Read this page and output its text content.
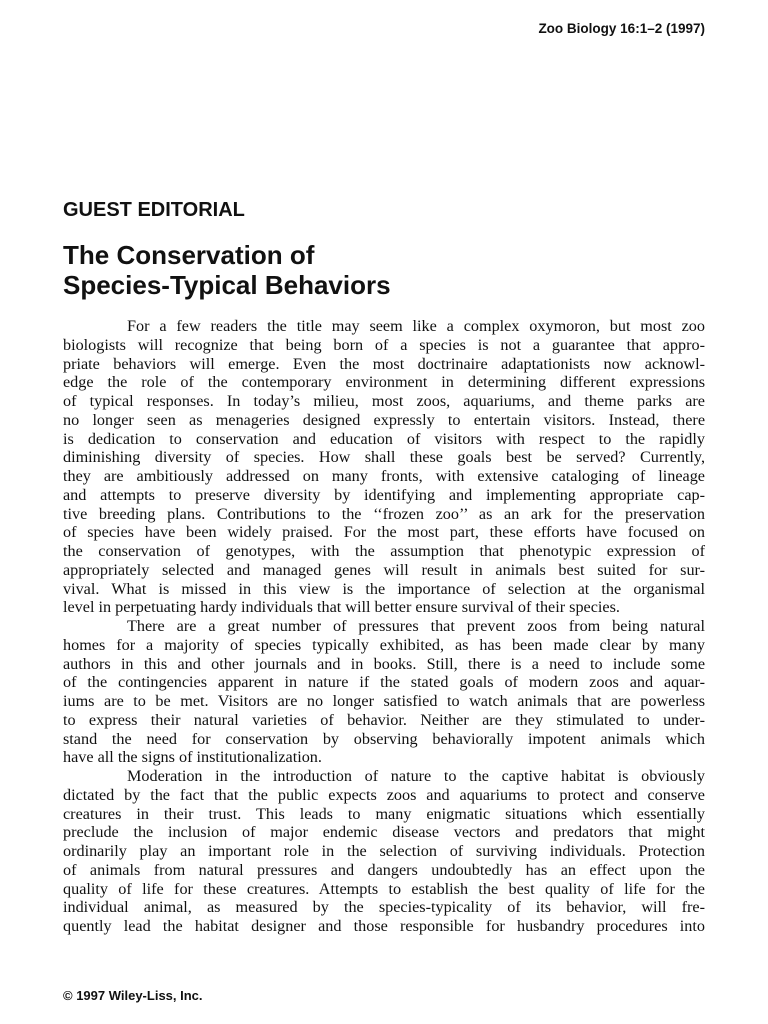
Zoo Biology 16:1–2 (1997)
GUEST EDITORIAL
The Conservation of
Species-Typical Behaviors
For a few readers the title may seem like a complex oxymoron, but most zoo
biologists will recognize that being born of a species is not a guarantee that appro-
priate behaviors will emerge. Even the most doctrinaire adaptationists now acknowl-
edge the role of the contemporary environment in determining different expressions
of typical responses. In today’s milieu, most zoos, aquariums, and theme parks are
no longer seen as menageries designed expressly to entertain visitors. Instead, there
is dedication to conservation and education of visitors with respect to the rapidly
diminishing diversity of species. How shall these goals best be served? Currently,
they are ambitiously addressed on many fronts, with extensive cataloging of lineage
and attempts to preserve diversity by identifying and implementing appropriate cap-
tive breeding plans. Contributions to the ‘‘frozen zoo’’ as an ark for the preservation
of species have been widely praised. For the most part, these efforts have focused on
the conservation of genotypes, with the assumption that phenotypic expression of
appropriately selected and managed genes will result in animals best suited for sur-
vival. What is missed in this view is the importance of selection at the organismal
level in perpetuating hardy individuals that will better ensure survival of their species.
There are a great number of pressures that prevent zoos from being natural
homes for a majority of species typically exhibited, as has been made clear by many
authors in this and other journals and in books. Still, there is a need to include some
of the contingencies apparent in nature if the stated goals of modern zoos and aquar-
iums are to be met. Visitors are no longer satisfied to watch animals that are powerless
to express their natural varieties of behavior. Neither are they stimulated to under-
stand the need for conservation by observing behaviorally impotent animals which
have all the signs of institutionalization.
Moderation in the introduction of nature to the captive habitat is obviously
dictated by the fact that the public expects zoos and aquariums to protect and conserve
creatures in their trust. This leads to many enigmatic situations which essentially
preclude the inclusion of major endemic disease vectors and predators that might
ordinarily play an important role in the selection of surviving individuals. Protection
of animals from natural pressures and dangers undoubtedly has an effect upon the
quality of life for these creatures. Attempts to establish the best quality of life for the
individual animal, as measured by the species-typicality of its behavior, will fre-
quently lead the habitat designer and those responsible for husbandry procedures into
© 1997 Wiley-Liss, Inc.
